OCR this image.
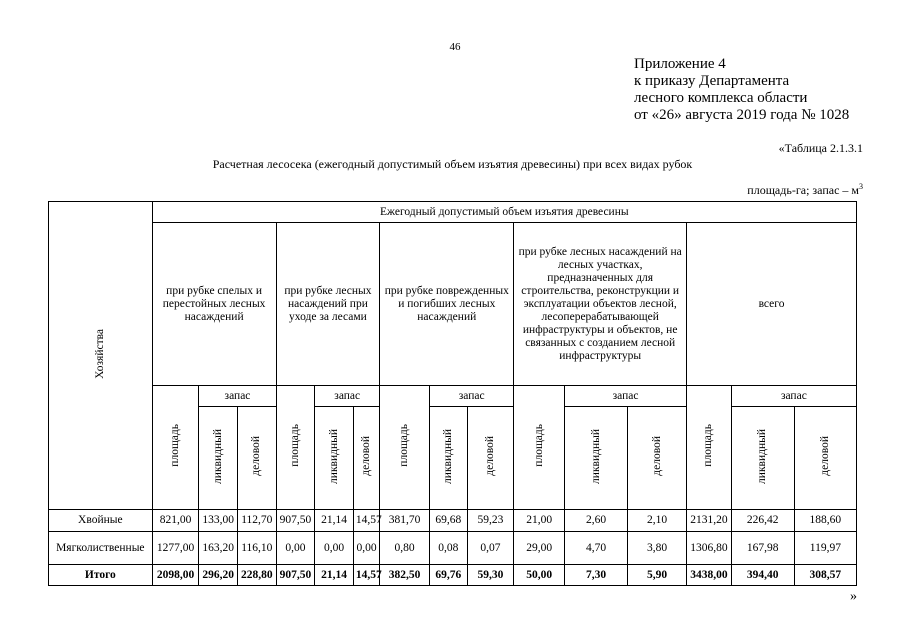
46
Приложение 4
к приказу Департамента
лесного комплекса области
от «26» августа 2019 года № 1028
«Таблица 2.1.3.1
Расчетная лесосека (ежегодный допустимый объем изъятия древесины) при всех видах рубок
площадь-га; запас – $м^3$
Хозяйства	Ежегодный допустимый объем изъятия древесины														
	при рубке спелых и перестойных лесных насаждений			при рубке лесных насаждений при уходе за лесами			при рубке поврежденных и погибших лесных насаждений			при рубке лесных насаждений на лесных участках, предназначенных для строительства, реконструкции и эксплуатации объектов лесной, лесоперерабатывающей инфраструктуры и объектов, не связанных с созданием лесной инфраструктуры			всего		
	площадь	запас		площадь	запас		площадь	запас		площадь	запас		площадь	запас	
		ликвидный	деловой		ликвидный	деловой		ликвидный	деловой		ликвидный	деловой		ликвидный	деловой
Хвойные	821,00	133,00	112,70	907,50	21,14	14,57	381,70	69,68	59,23	21,00	2,60	2,10	2131,20	226,42	188,60
Мягколиственные	1277,00	163,20	116,10	0,00	0,00	0,00	0,80	0,08	0,07	29,00	4,70	3,80	1306,80	167,98	119,97
Итого	2098,00	296,20	228,80	907,50	21,14	14,57	382,50	69,76	59,30	50,00	7,30	5,90	3438,00	394,40	308,57
»
